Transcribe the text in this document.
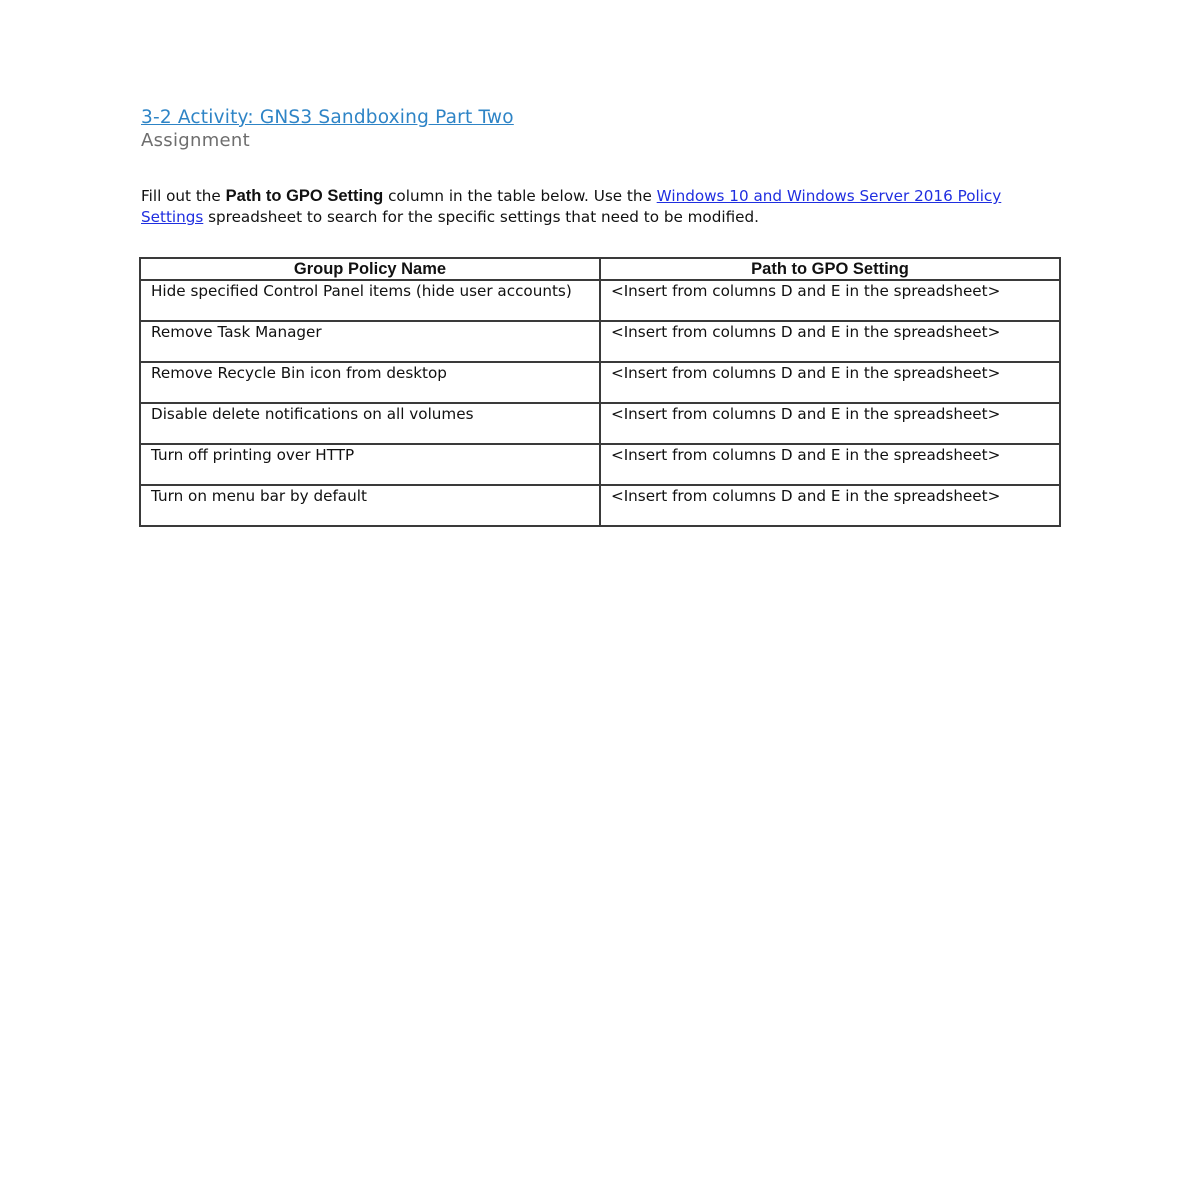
3-2 Activity: GNS3 Sandboxing Part Two
Assignment

Fill out the Path to GPO Setting column in the table below. Use the Windows 10 and Windows Server 2016 Policy Settings spreadsheet to search for the specific settings that need to be modified.

Group Policy Name	Path to GPO Setting
Hide specified Control Panel items (hide user accounts)	<Insert from columns D and E in the spreadsheet>
Remove Task Manager	<Insert from columns D and E in the spreadsheet>
Remove Recycle Bin icon from desktop	<Insert from columns D and E in the spreadsheet>
Disable delete notifications on all volumes	<Insert from columns D and E in the spreadsheet>
Turn off printing over HTTP	<Insert from columns D and E in the spreadsheet>
Turn on menu bar by default	<Insert from columns D and E in the spreadsheet>
